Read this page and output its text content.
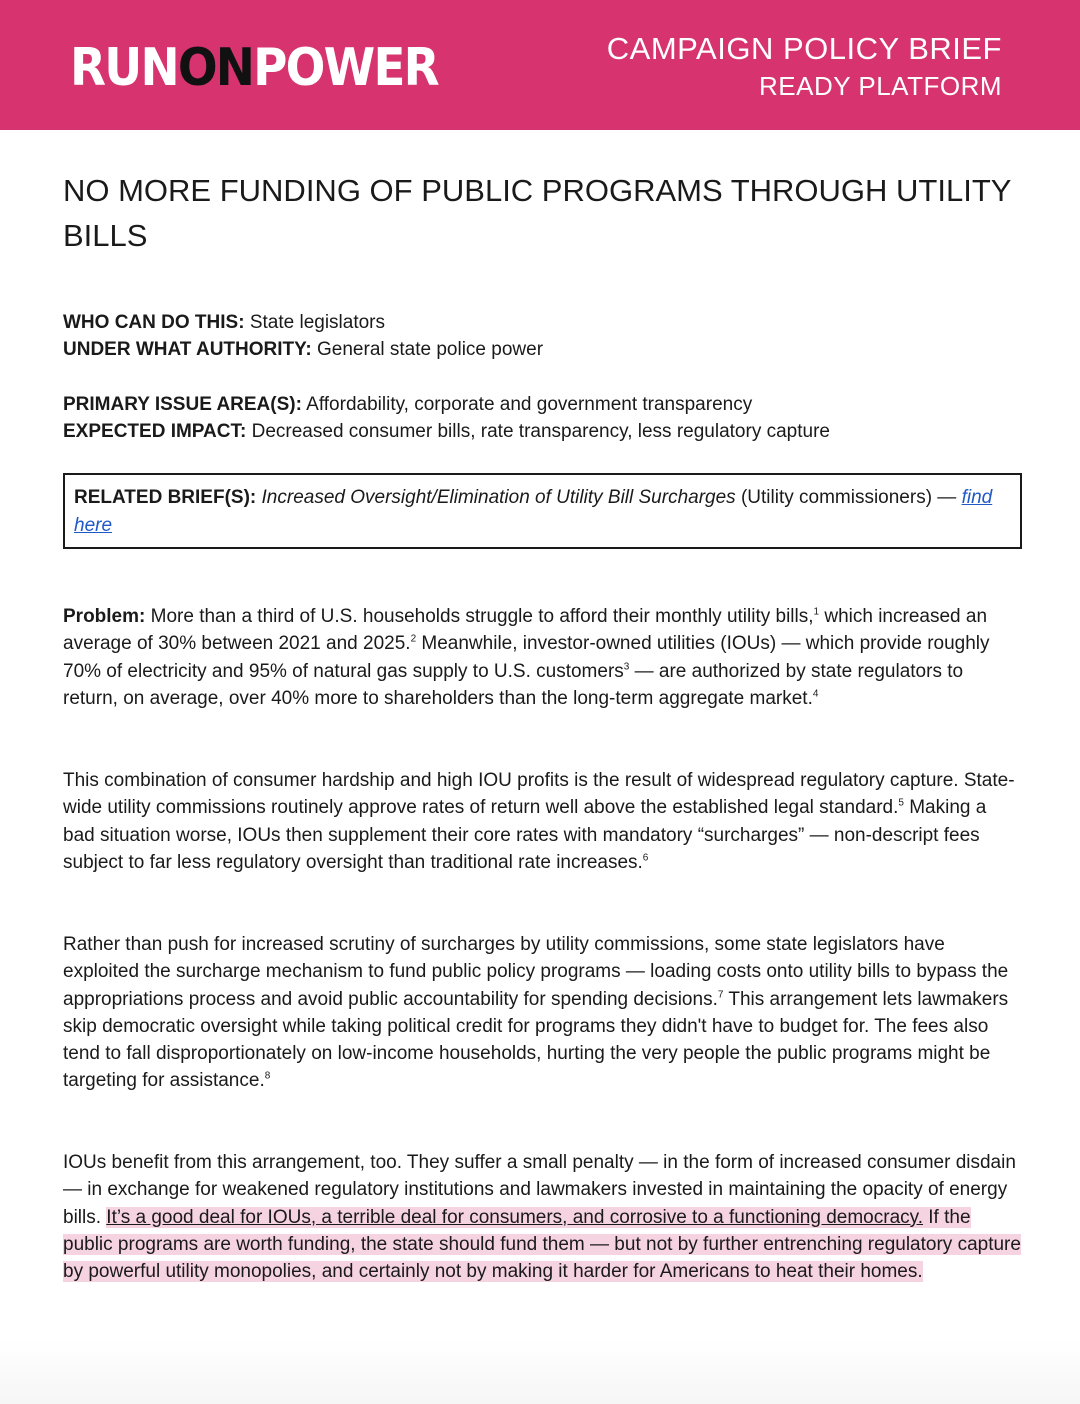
RUNONPOWER	CAMPAIGN POLICY BRIEF
READY PLATFORM
NO MORE FUNDING OF PUBLIC PROGRAMS THROUGH UTILITY BILLS
WHO CAN DO THIS: State legislators
UNDER WHAT AUTHORITY: General state police power
PRIMARY ISSUE AREA(S): Affordability, corporate and government transparency
EXPECTED IMPACT: Decreased consumer bills, rate transparency, less regulatory capture
RELATED BRIEF(S): Increased Oversight/Elimination of Utility Bill Surcharges (Utility commissioners) — find here

Problem: More than a third of U.S. households struggle to afford their monthly utility bills,$^1$ which increased an average of 30% between 2021 and 2025.$^2$ Meanwhile, investor-owned utilities (IOUs) — which provide roughly 70% of electricity and 95% of natural gas supply to U.S. customers$^3$ — are authorized by state regulators to return, on average, over 40% more to shareholders than the long-term aggregate market.$^4$

This combination of consumer hardship and high IOU profits is the result of widespread regulatory capture. State-wide utility commissions routinely approve rates of return well above the established legal standard.$^5$ Making a bad situation worse, IOUs then supplement their core rates with mandatory “surcharges” — non-descript fees subject to far less regulatory oversight than traditional rate increases.$^6$

Rather than push for increased scrutiny of surcharges by utility commissions, some state legislators have exploited the surcharge mechanism to fund public policy programs — loading costs onto utility bills to bypass the appropriations process and avoid public accountability for spending decisions.$^7$ This arrangement lets lawmakers skip democratic oversight while taking political credit for programs they didn't have to budget for. The fees also tend to fall disproportionately on low-income households, hurting the very people the public programs might be targeting for assistance.$^8$

IOUs benefit from this arrangement, too. They suffer a small penalty — in the form of increased consumer disdain — in exchange for weakened regulatory institutions and lawmakers invested in maintaining the opacity of energy bills. It’s a good deal for IOUs, a terrible deal for consumers, and corrosive to a functioning democracy. If the public programs are worth funding, the state should fund them — but not by further entrenching regulatory capture by powerful utility monopolies, and certainly not by making it harder for Americans to heat their homes.
